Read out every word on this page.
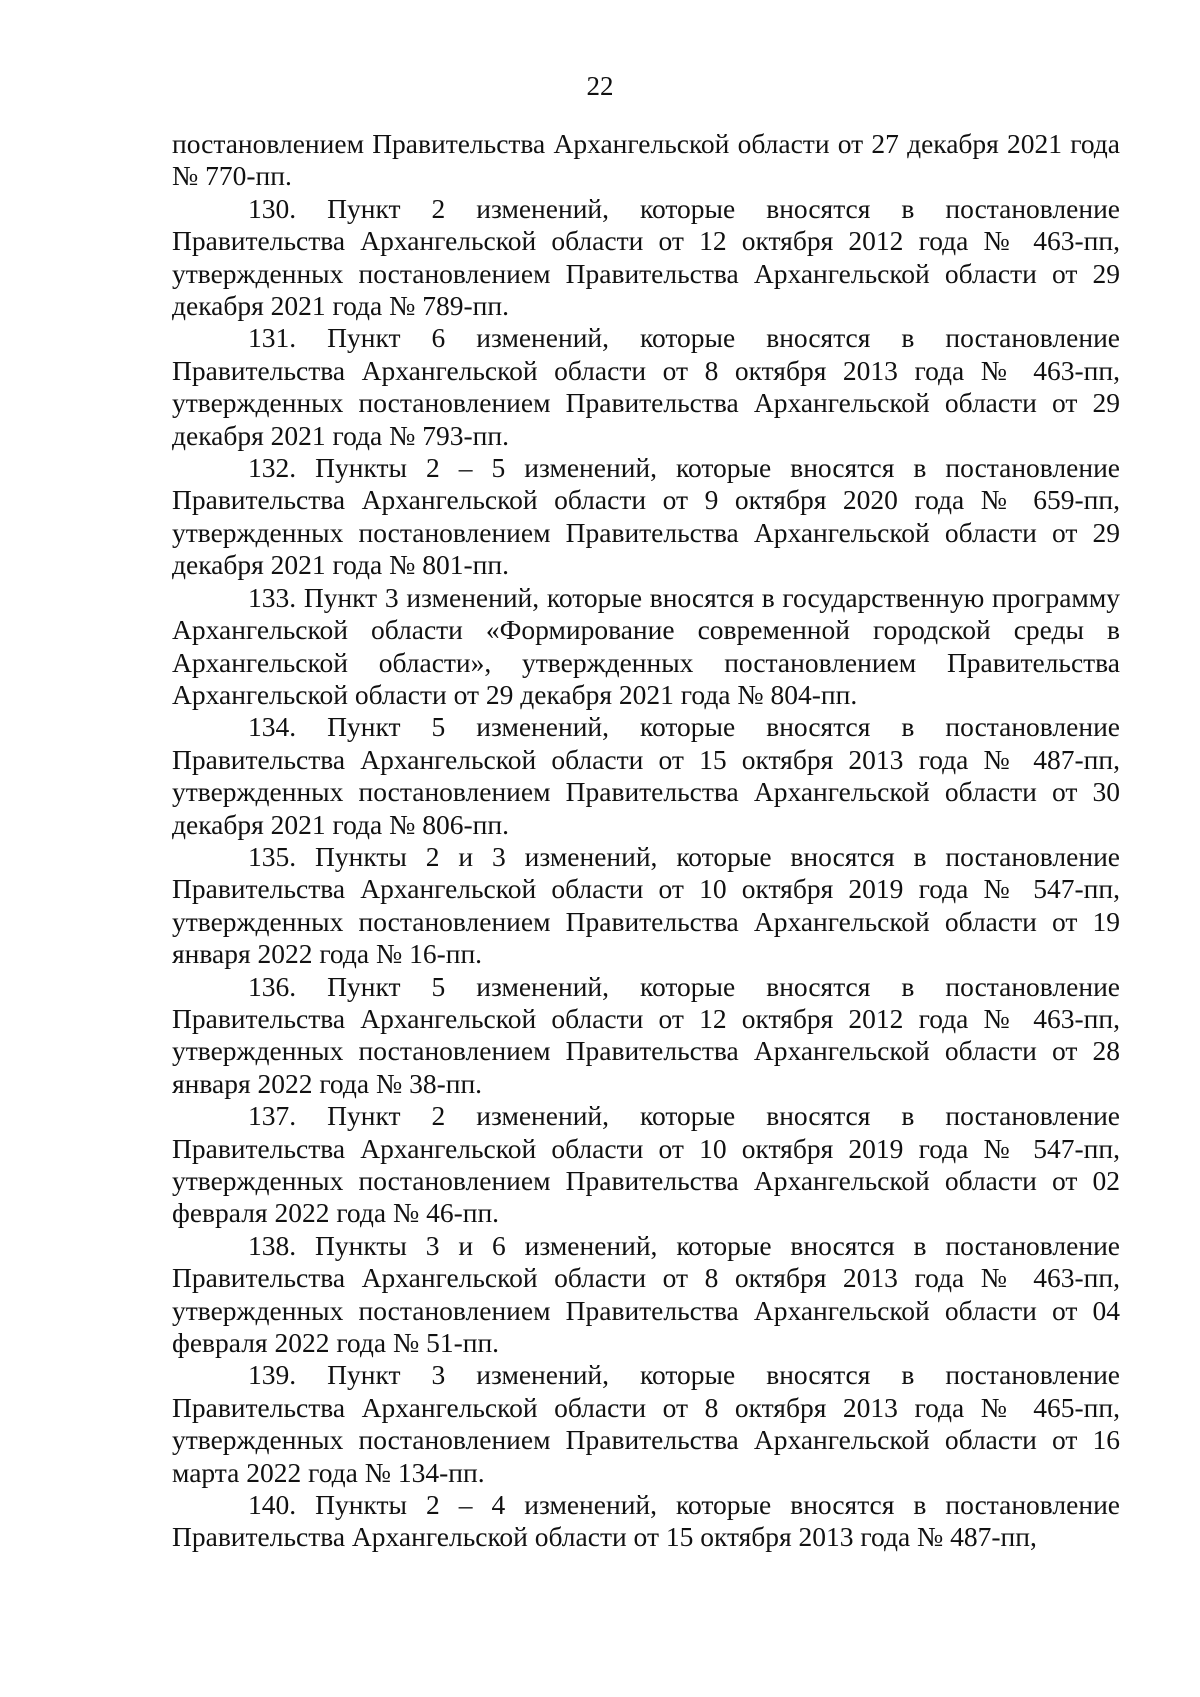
22

постановлением Правительства Архангельской области от 27 декабря 2021 года № 770-пп.

130. Пункт 2 изменений, которые вносятся в постановление Правительства Архангельской области от 12 октября 2012 года № 463-пп, утвержденных постановлением Правительства Архангельской области от 29 декабря 2021 года № 789-пп.

131. Пункт 6 изменений, которые вносятся в постановление Правительства Архангельской области от 8 октября 2013 года № 463-пп, утвержденных постановлением Правительства Архангельской области от 29 декабря 2021 года № 793-пп.

132. Пункты 2 – 5 изменений, которые вносятся в постановление Правительства Архангельской области от 9 октября 2020 года № 659-пп, утвержденных постановлением Правительства Архангельской области от 29 декабря 2021 года № 801-пп.

133. Пункт 3 изменений, которые вносятся в государственную программу Архангельской области «Формирование современной городской среды в Архангельской области», утвержденных постановлением Правительства Архангельской области от 29 декабря 2021 года № 804-пп.

134. Пункт 5 изменений, которые вносятся в постановление Правительства Архангельской области от 15 октября 2013 года № 487-пп, утвержденных постановлением Правительства Архангельской области от 30 декабря 2021 года № 806-пп.

135. Пункты 2 и 3 изменений, которые вносятся в постановление Правительства Архангельской области от 10 октября 2019 года № 547-пп, утвержденных постановлением Правительства Архангельской области от 19 января 2022 года № 16-пп.

136. Пункт 5 изменений, которые вносятся в постановление Правительства Архангельской области от 12 октября 2012 года № 463-пп, утвержденных постановлением Правительства Архангельской области от 28 января 2022 года № 38-пп.

137. Пункт 2 изменений, которые вносятся в постановление Правительства Архангельской области от 10 октября 2019 года № 547-пп, утвержденных постановлением Правительства Архангельской области от 02 февраля 2022 года № 46-пп.

138. Пункты 3 и 6 изменений, которые вносятся в постановление Правительства Архангельской области от 8 октября 2013 года № 463-пп, утвержденных постановлением Правительства Архангельской области от 04 февраля 2022 года № 51-пп.

139. Пункт 3 изменений, которые вносятся в постановление Правительства Архангельской области от 8 октября 2013 года № 465-пп, утвержденных постановлением Правительства Архангельской области от 16 марта 2022 года № 134-пп.

140. Пункты 2 – 4 изменений, которые вносятся в постановление Правительства Архангельской области от 15 октября 2013 года № 487-пп,
